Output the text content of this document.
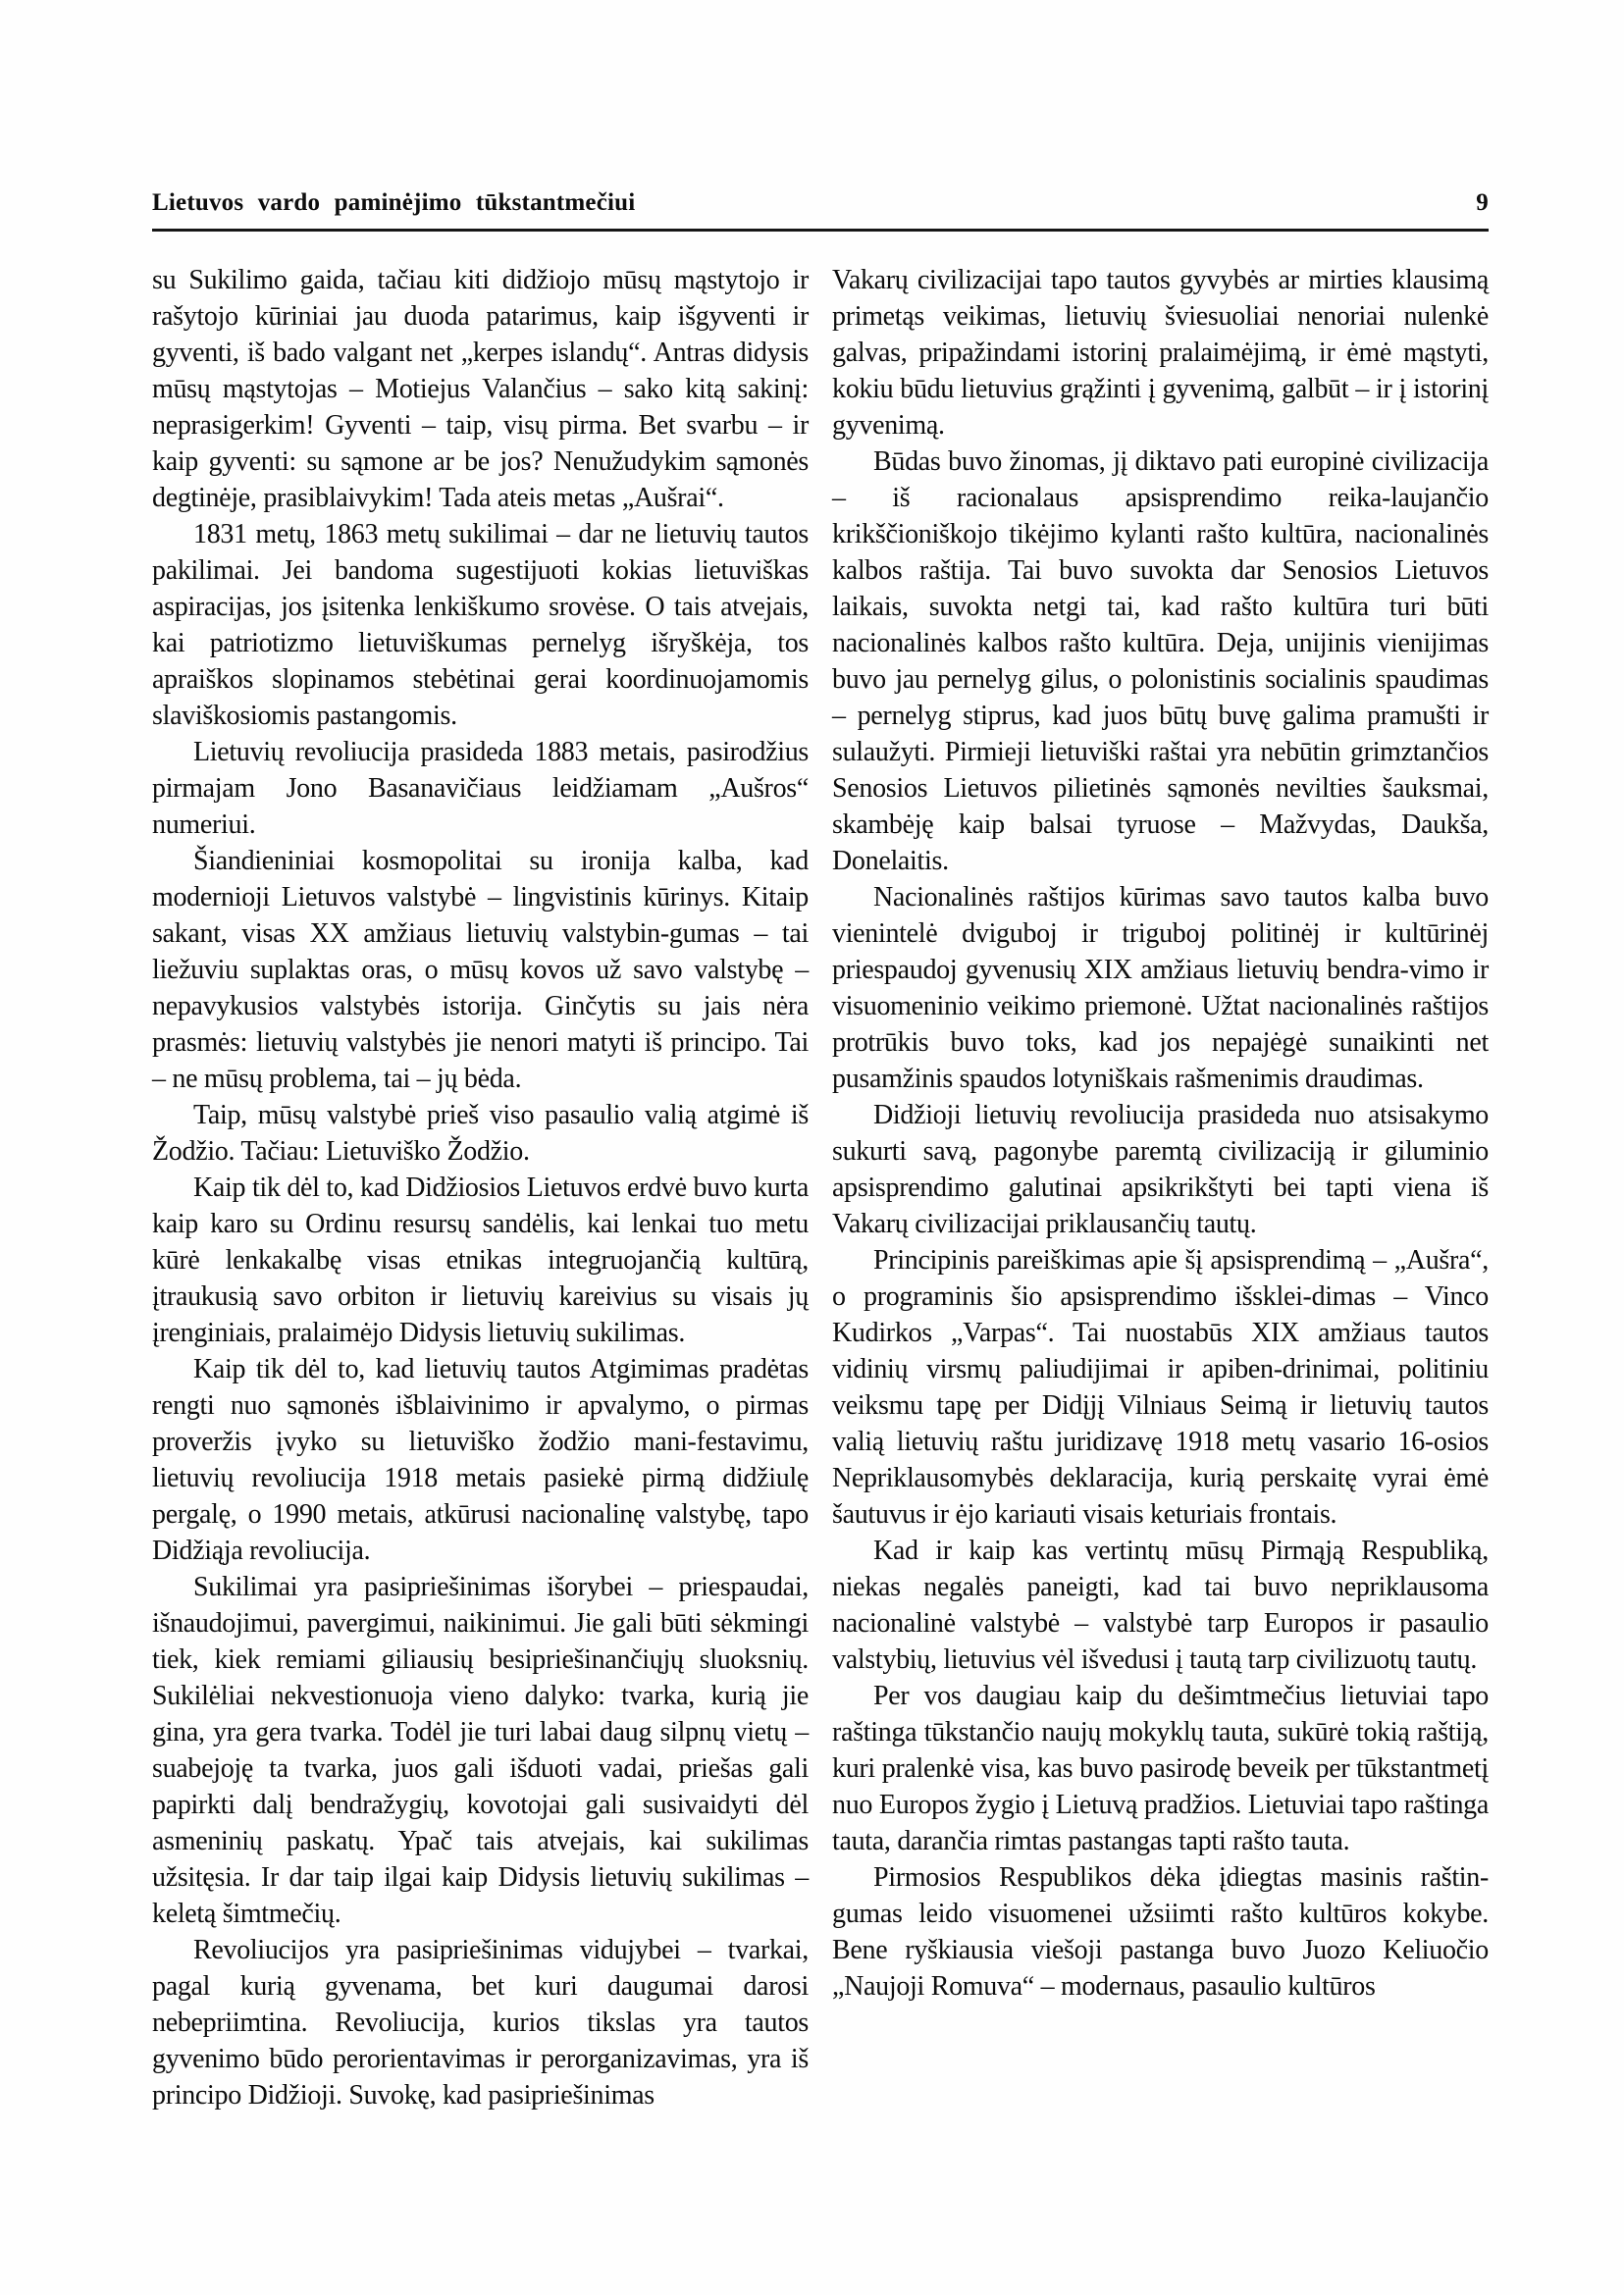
Lietuvos vardo paminėjimo tūkstantmečiui	9

su Sukilimo gaida, tačiau kiti didžiojo mūsų mąstytojo ir rašytojo kūriniai jau duoda patarimus, kaip išgyventi ir gyventi, iš bado valgant net „kerpes islandų“. Antras didysis mūsų mąstytojas – Motiejus Valančius – sako kitą sakinį: neprasigerkim! Gyventi – taip, visų pirma. Bet svarbu – ir kaip gyventi: su sąmone ar be jos? Nenužudykim sąmonės degtinėje, prasiblaivykim! Tada ateis metas „Aušrai“.

1831 metų, 1863 metų sukilimai – dar ne lietuvių tautos pakilimai. Jei bandoma sugestijuoti kokias lietuviškas aspiracijas, jos įsitenka lenkiškumo srovėse. O tais atvejais, kai patriotizmo lietuviškumas pernelyg išryškėja, tos apraiškos slopinamos stebėtinai gerai koordinuojamomis slaviškosiomis pastangomis.

Lietuvių revoliucija prasideda 1883 metais, pasirodžius pirmajam Jono Basanavičiaus leidžiamam „Aušros“ numeriui.

Šiandieniniai kosmopolitai su ironija kalba, kad modernioji Lietuvos valstybė – lingvistinis kūrinys. Kitaip sakant, visas XX amžiaus lietuvių valstybin-gumas – tai liežuviu suplaktas oras, o mūsų kovos už savo valstybę – nepavykusios valstybės istorija. Ginčytis su jais nėra prasmės: lietuvių valstybės jie nenori matyti iš principo. Tai – ne mūsų problema, tai – jų bėda.

Taip, mūsų valstybė prieš viso pasaulio valią atgimė iš Žodžio. Tačiau: Lietuviško Žodžio.

Kaip tik dėl to, kad Didžiosios Lietuvos erdvė buvo kurta kaip karo su Ordinu resursų sandėlis, kai lenkai tuo metu kūrė lenkakalbę visas etnikas integruojančią kultūrą, įtraukusią savo orbiton ir lietuvių kareivius su visais jų įrenginiais, pralaimėjo Didysis lietuvių sukilimas.

Kaip tik dėl to, kad lietuvių tautos Atgimimas pradėtas rengti nuo sąmonės išblaivinimo ir apvalymo, o pirmas proveržis įvyko su lietuviško žodžio mani-festavimu, lietuvių revoliucija 1918 metais pasiekė pirmą didžiulę pergalę, o 1990 metais, atkūrusi nacionalinę valstybę, tapo Didžiąja revoliucija.

Sukilimai yra pasipriešinimas išorybei – priespaudai, išnaudojimui, pavergimui, naikinimui. Jie gali būti sėkmingi tiek, kiek remiami giliausių besipriešinančiųjų sluoksnių. Sukilėliai nekvestionuoja vieno dalyko: tvarka, kurią jie gina, yra gera tvarka. Todėl jie turi labai daug silpnų vietų – suabejoję ta tvarka, juos gali išduoti vadai, priešas gali papirkti dalį bendražygių, kovotojai gali susivaidyti dėl asmeninių paskatų. Ypač tais atvejais, kai sukilimas užsitęsia. Ir dar taip ilgai kaip Didysis lietuvių sukilimas – keletą šimtmečių.

Revoliucijos yra pasipriešinimas vidujybei – tvarkai, pagal kurią gyvenama, bet kuri daugumai darosi nebepriimtina. Revoliucija, kurios tikslas yra tautos gyvenimo būdo perorientavimas ir perorganizavimas, yra iš principo Didžioji. Suvokę, kad pasipriešinimas

Vakarų civilizacijai tapo tautos gyvybės ar mirties klausimą primetąs veikimas, lietuvių šviesuoliai nenoriai nulenkė galvas, pripažindami istorinį pralaimėjimą, ir ėmė mąstyti, kokiu būdu lietuvius grąžinti į gyvenimą, galbūt – ir į istorinį gyvenimą.

Būdas buvo žinomas, jį diktavo pati europinė civilizacija – iš racionalaus apsisprendimo reika-laujančio krikščioniškojo tikėjimo kylanti rašto kultūra, nacionalinės kalbos raštija. Tai buvo suvokta dar Senosios Lietuvos laikais, suvokta netgi tai, kad rašto kultūra turi būti nacionalinės kalbos rašto kultūra. Deja, unijinis vienijimas buvo jau pernelyg gilus, o polonistinis socialinis spaudimas – pernelyg stiprus, kad juos būtų buvę galima pramušti ir sulaužyti. Pirmieji lietuviški raštai yra nebūtin grimztančios Senosios Lietuvos pilietinės sąmonės nevilties šauksmai, skambėję kaip balsai tyruose – Mažvydas, Daukša, Donelaitis.

Nacionalinės raštijos kūrimas savo tautos kalba buvo vienintelė dviguboj ir triguboj politinėj ir kultūrinėj priespaudoj gyvenusių XIX amžiaus lietuvių bendra-vimo ir visuomeninio veikimo priemonė. Užtat nacionalinės raštijos protrūkis buvo toks, kad jos nepajėgė sunaikinti net pusamžinis spaudos lotyniškais rašmenimis draudimas.

Didžioji lietuvių revoliucija prasideda nuo atsisakymo sukurti savą, pagonybe paremtą civilizaciją ir giluminio apsisprendimo galutinai apsikrikštyti bei tapti viena iš Vakarų civilizacijai priklausančių tautų.

Principinis pareiškimas apie šį apsisprendimą – „Aušra“, o programinis šio apsisprendimo išsklei-dimas – Vinco Kudirkos „Varpas“. Tai nuostabūs XIX amžiaus tautos vidinių virsmų paliudijimai ir apiben-drinimai, politiniu veiksmu tapę per Didįjį Vilniaus Seimą ir lietuvių tautos valią lietuvių raštu juridizavę 1918 metų vasario 16-osios Nepriklausomybės deklaracija, kurią perskaitę vyrai ėmė šautuvus ir ėjo kariauti visais keturiais frontais.

Kad ir kaip kas vertintų mūsų Pirmąją Respubliką, niekas negalės paneigti, kad tai buvo nepriklausoma nacionalinė valstybė – valstybė tarp Europos ir pasaulio valstybių, lietuvius vėl išvedusi į tautą tarp civilizuotų tautų.

Per vos daugiau kaip du dešimtmečius lietuviai tapo raštinga tūkstančio naujų mokyklų tauta, sukūrė tokią raštiją, kuri pralenkė visa, kas buvo pasirodę beveik per tūkstantmetį nuo Europos žygio į Lietuvą pradžios. Lietuviai tapo raštinga tauta, darančia rimtas pastangas tapti rašto tauta.

Pirmosios Respublikos dėka įdiegtas masinis raštin-gumas leido visuomenei užsiimti rašto kultūros kokybe. Bene ryškiausia viešoji pastanga buvo Juozo Keliuočio „Naujoji Romuva“ – modernaus, pasaulio kultūros
